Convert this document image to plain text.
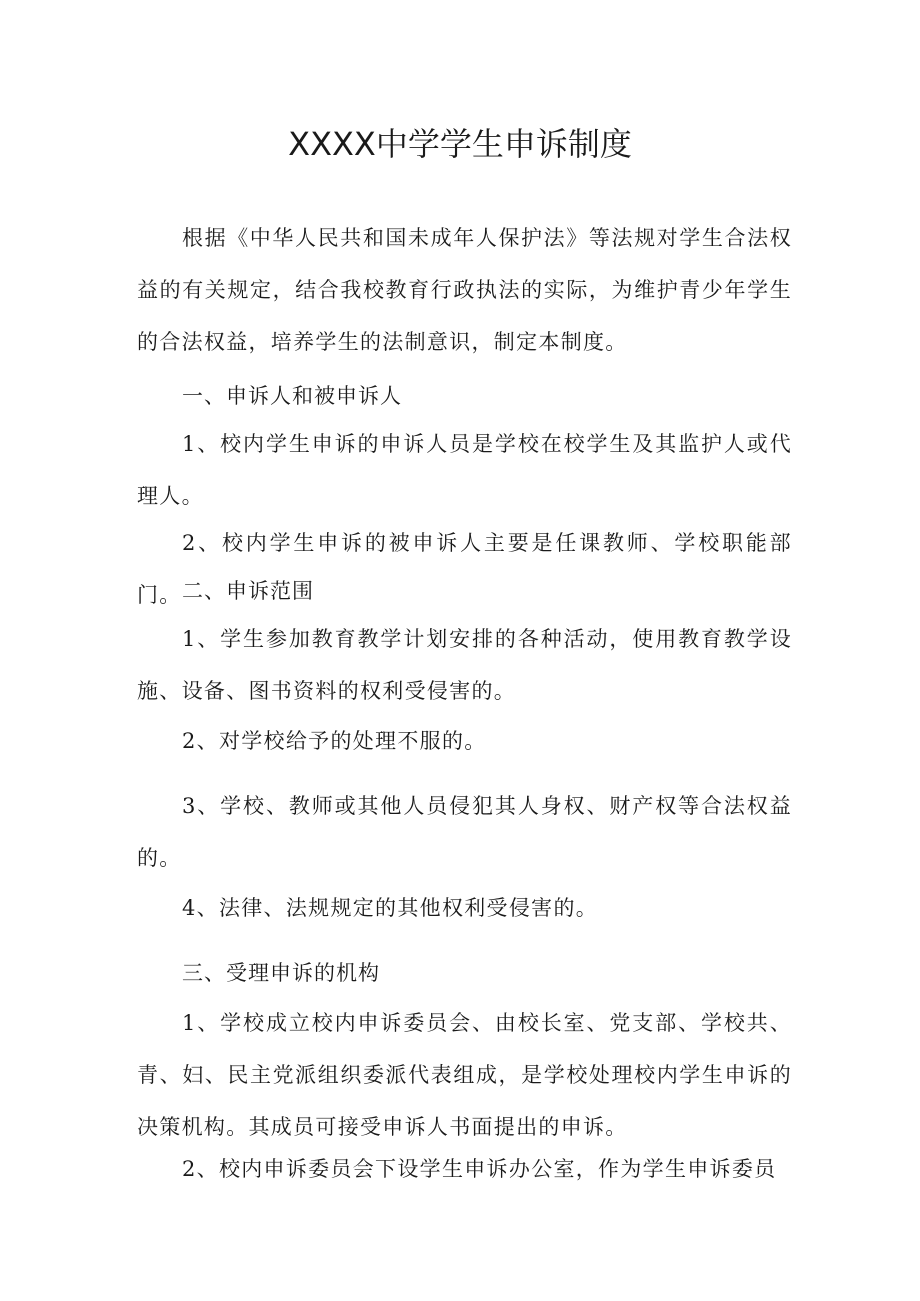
XXXX中学学生申诉制度

根据《中华人民共和国未成年人保护法》等法规对学生合法权益的有关规定，结合我校教育行政执法的实际，为维护青少年学生的合法权益，培养学生的法制意识，制定本制度。

一、申诉人和被申诉人

1、校内学生申诉的申诉人员是学校在校学生及其监护人或代理人。

2、校内学生申诉的被申诉人主要是任课教师、学校职能部门。 二、申诉范围

1、学生参加教育教学计划安排的各种活动，使用教育教学设施、设备、图书资料的权利受侵害的。

2、对学校给予的处理不服的。

3、学校、教师或其他人员侵犯其人身权、财产权等合法权益的。

4、法律、法规规定的其他权利受侵害的。

三、受理申诉的机构

1、学校成立校内申诉委员会、由校长室、党支部、学校共、青、妇、民主党派组织委派代表组成，是学校处理校内学生申诉的决策机构。其成员可接受申诉人书面提出的申诉。

2、校内申诉委员会下设学生申诉办公室，作为学生申诉委员
